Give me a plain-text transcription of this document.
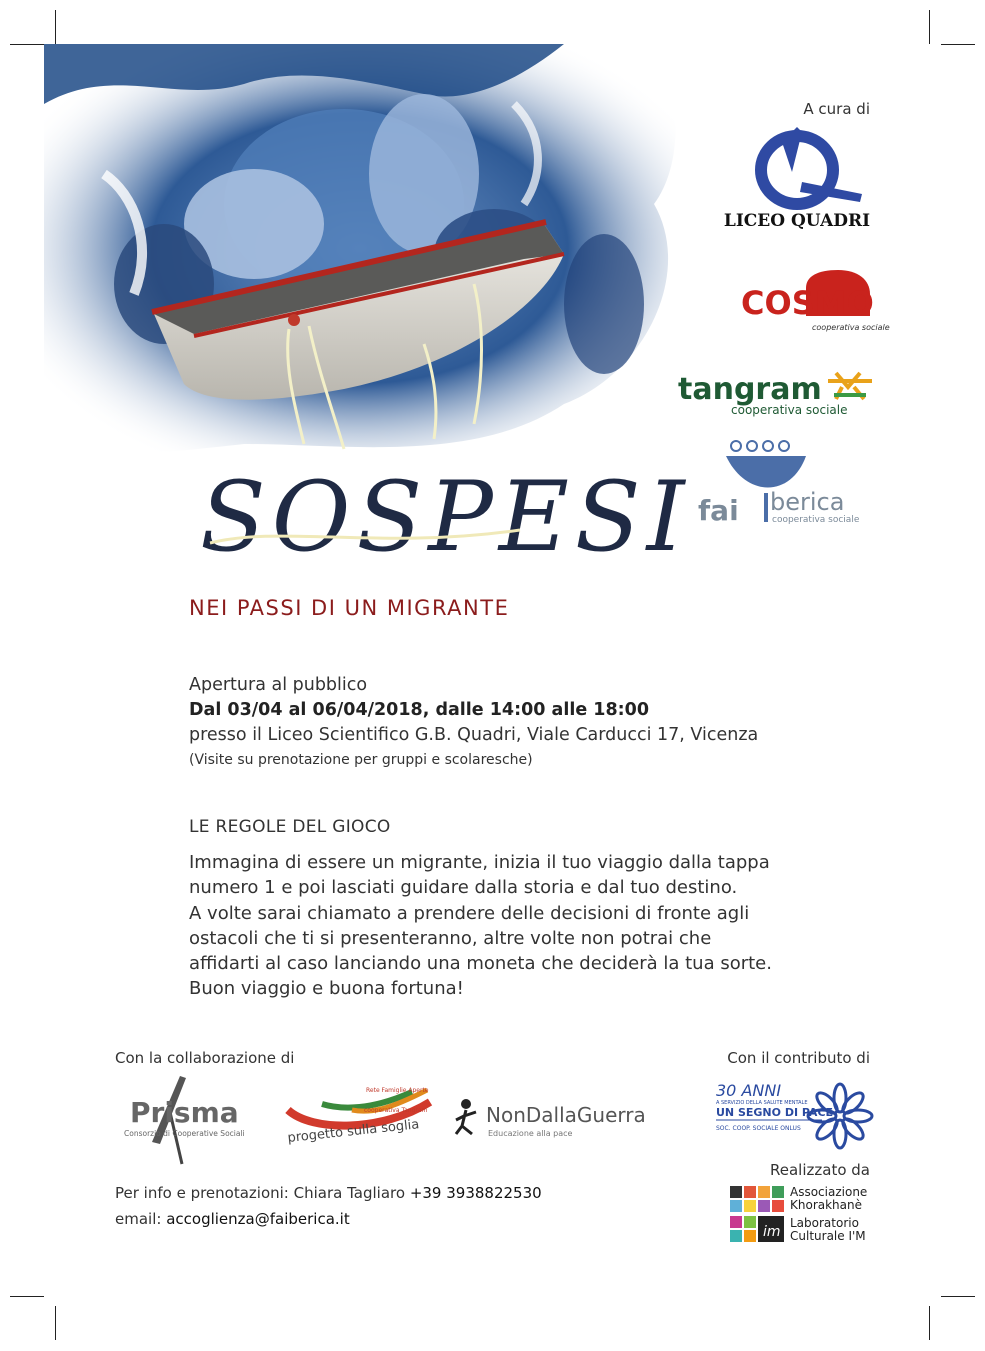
SOSPESI
NEI PASSI DI UN MIGRANTE
Apertura al pubblico
Dal 03/04 al 06/04/2018, dalle 14:00 alle 18:00
presso il Liceo Scientifico G.B. Quadri, Viale Carducci 17, Vicenza
(Visite su prenotazione per gruppi e scolaresche)
LE REGOLE DEL GIOCO
Immagina di essere un migrante, inizia il tuo viaggio dalla tappa
numero 1 e poi lasciati guidare dalla storia e dal tuo destino.
A volte sarai chiamato a prendere delle decisioni di fronte agli
ostacoli che ti si presenteranno, altre volte non potrai che
affidarti al caso lanciando una moneta che deciderà la tua sorte.
Buon viaggio e buona fortuna!
A cura di
LICEO QUADRI
COSMO
cooperativa sociale
tangram
cooperativa sociale
fai berica
cooperativa sociale
Con la collaborazione di
Prisma
Consorzio di Cooperative Sociali
Rete Famiglie Aperte
cooperativa Tangram
progetto sulla soglia
NonDallaGuerra
Educazione alla pace
Con il contributo di
30 ANNI
A SERVIZIO DELLA SALUTE MENTALE
UN SEGNO DI PACE
SOC. COOP. SOCIALE ONLUS
Realizzato da
im
Associazione
Khorakhanè
Laboratorio
Culturale I'M
Per info e prenotazioni: Chiara Tagliaro +39 3938822530
email: accoglienza@faiberica.it
